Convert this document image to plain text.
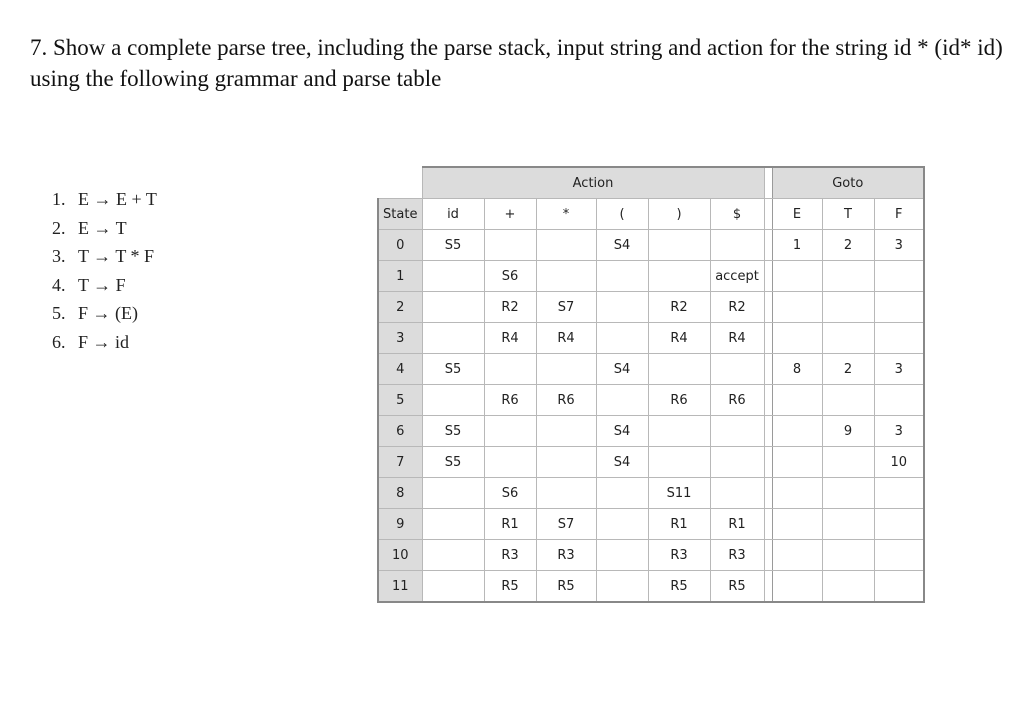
7. Show a complete parse tree, including the parse stack, input string and action for the string id * (id* id) using the following grammar and parse table
1. E → E + T
2. E → T
3. T → T * F
4. T → F
5. F → (E)
6. F → id
	Action							Goto		
State	id	+	*	(	)	$		E	T	F
0	S5			S4				1	2	3
1		S6				accept				
2		R2	S7		R2	R2				
3		R4	R4		R4	R4				
4	S5			S4				8	2	3
5		R6	R6		R6	R6				
6	S5			S4					9	3
7	S5			S4						10
8		S6			S11					
9		R1	S7		R1	R1				
10		R3	R3		R3	R3				
11		R5	R5		R5	R5				
